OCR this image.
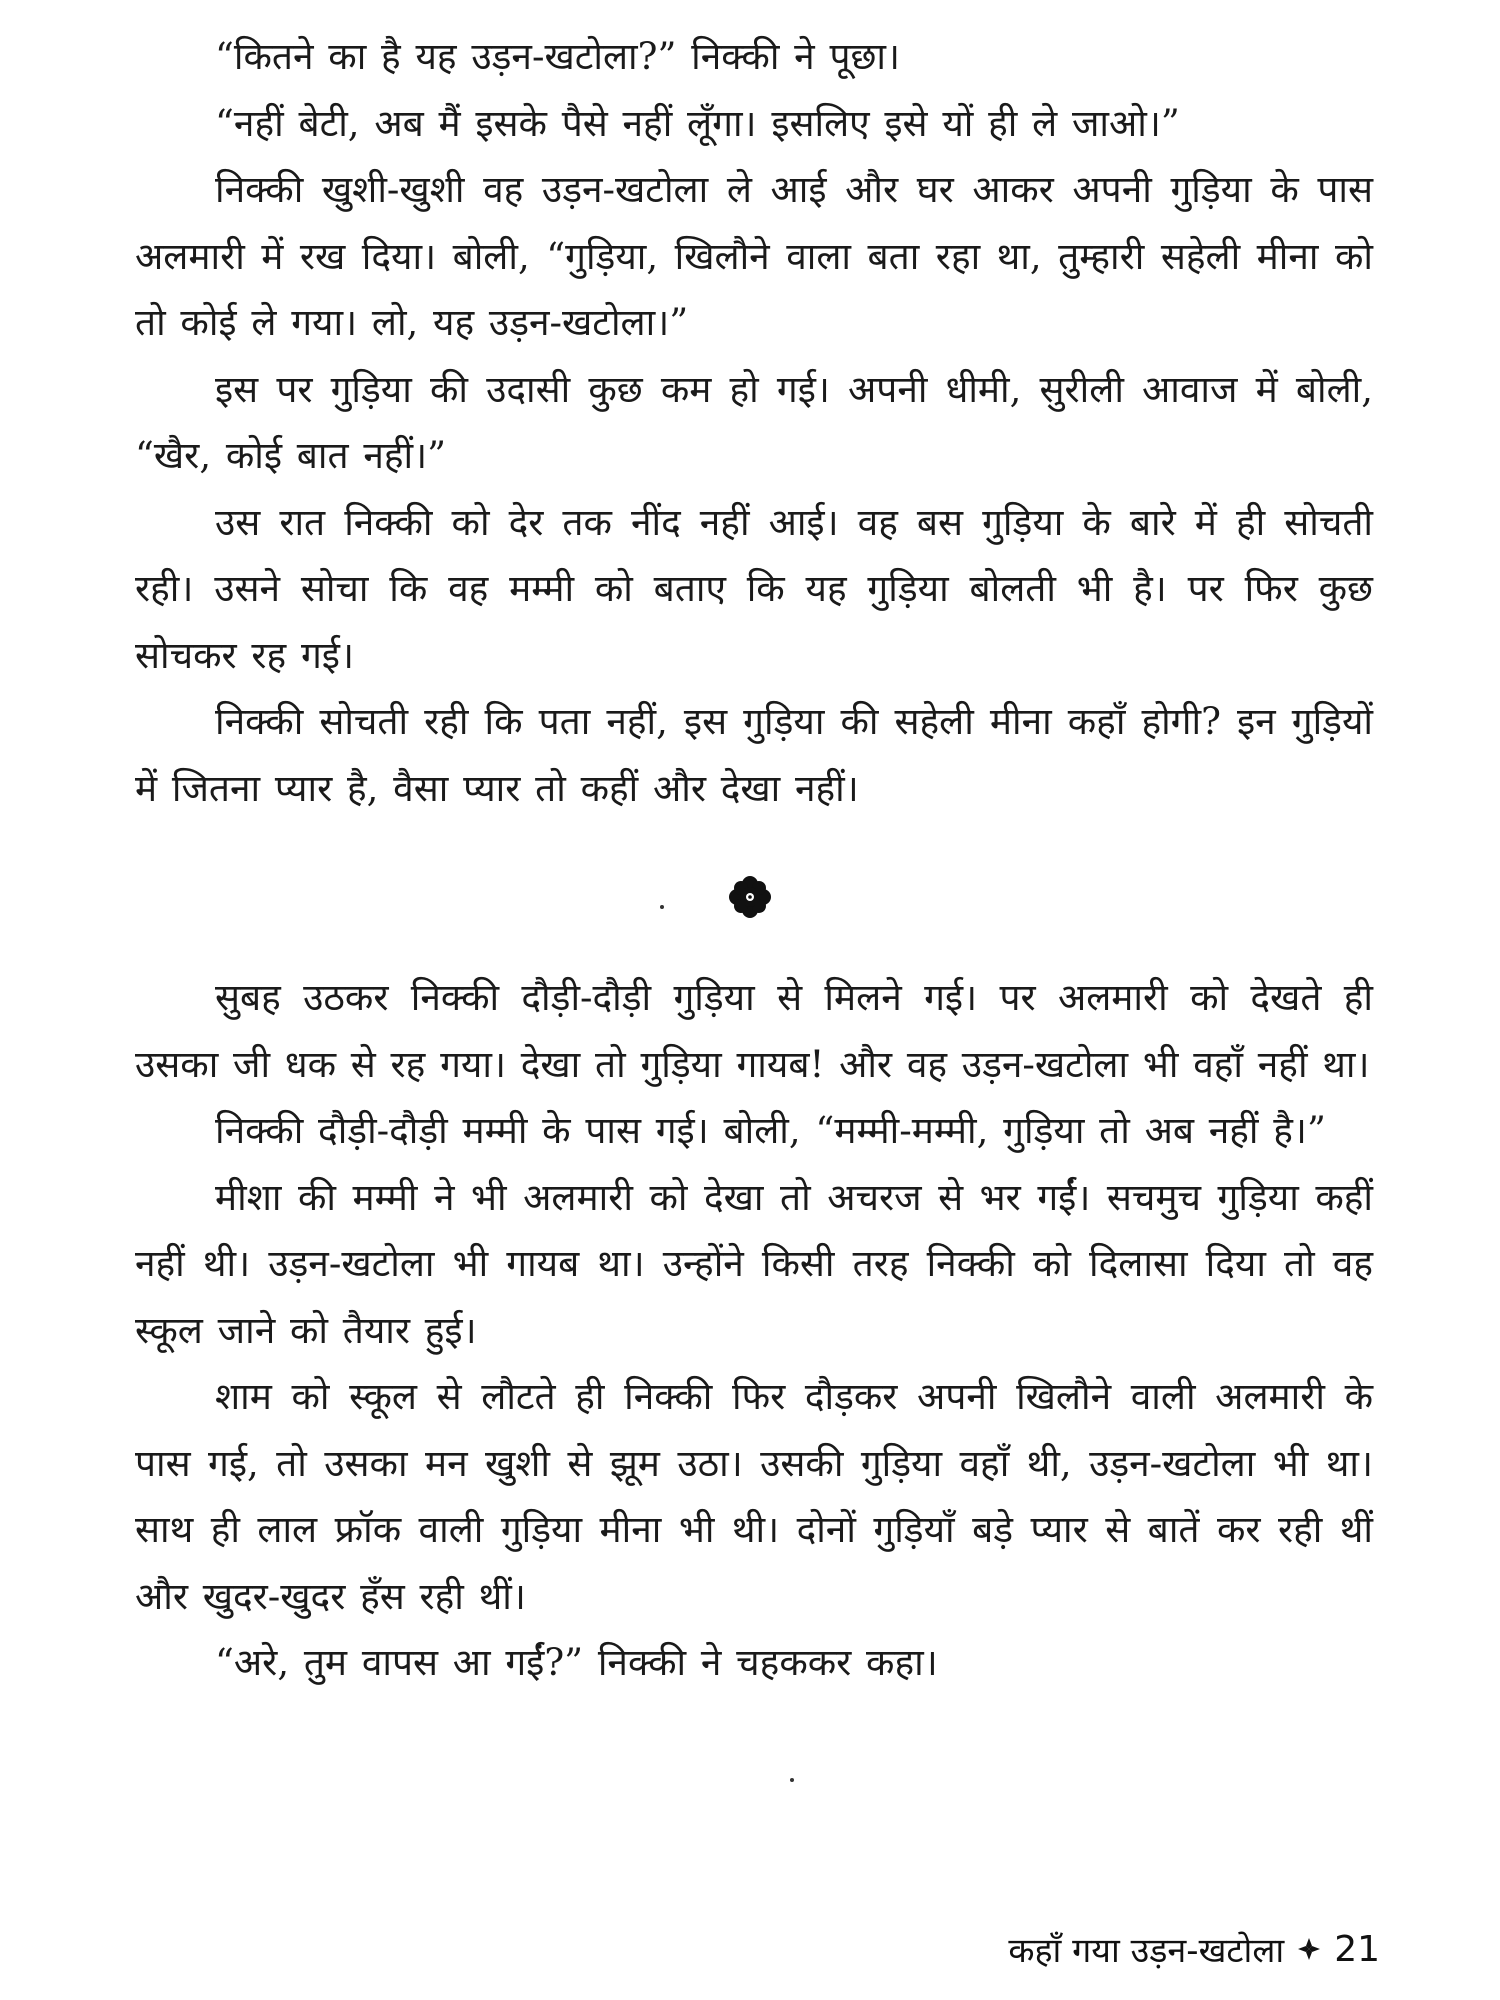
“कितने का है यह उड़न-खटोला?” निक्की ने पूछा।

“नहीं बेटी, अब मैं इसके पैसे नहीं लूँगा। इसलिए इसे यों ही ले जाओ।”

निक्की खुशी-खुशी वह उड़न-खटोला ले आई और घर आकर अपनी गुड़िया के पास अलमारी में रख दिया। बोली, “गुड़िया, खिलौने वाला बता रहा था, तुम्हारी सहेली मीना को तो कोई ले गया। लो, यह उड़न-खटोला।”

इस पर गुड़िया की उदासी कुछ कम हो गई। अपनी धीमी, सुरीली आवाज में बोली, “खैर, कोई बात नहीं।”

उस रात निक्की को देर तक नींद नहीं आई। वह बस गुड़िया के बारे में ही सोचती रही। उसने सोचा कि वह मम्मी को बताए कि यह गुड़िया बोलती भी है। पर फिर कुछ सोचकर रह गई।

निक्की सोचती रही कि पता नहीं, इस गुड़िया की सहेली मीना कहाँ होगी? इन गुड़ियों में जितना प्यार है, वैसा प्यार तो कहीं और देखा नहीं।

सुबह उठकर निक्की दौड़ी-दौड़ी गुड़िया से मिलने गई। पर अलमारी को देखते ही उसका जी धक से रह गया। देखा तो गुड़िया गायब! और वह उड़न-खटोला भी वहाँ नहीं था।

निक्की दौड़ी-दौड़ी मम्मी के पास गई। बोली, “मम्मी-मम्मी, गुड़िया तो अब नहीं है।”

मीशा की मम्मी ने भी अलमारी को देखा तो अचरज से भर गईं। सचमुच गुड़िया कहीं नहीं थी। उड़न-खटोला भी गायब था। उन्होंने किसी तरह निक्की को दिलासा दिया तो वह स्कूल जाने को तैयार हुई।

शाम को स्कूल से लौटते ही निक्की फिर दौड़कर अपनी खिलौने वाली अलमारी के पास गई, तो उसका मन खुशी से झूम उठा। उसकी गुड़िया वहाँ थी, उड़न-खटोला भी था। साथ ही लाल फ्रॉक वाली गुड़िया मीना भी थी। दोनों गुड़ियाँ बड़े प्यार से बातें कर रही थीं और खुदर-खुदर हँस रही थीं।

“अरे, तुम वापस आ गईं?” निक्की ने चहककर कहा।

कहाँ गया उड़न-खटोला 21
